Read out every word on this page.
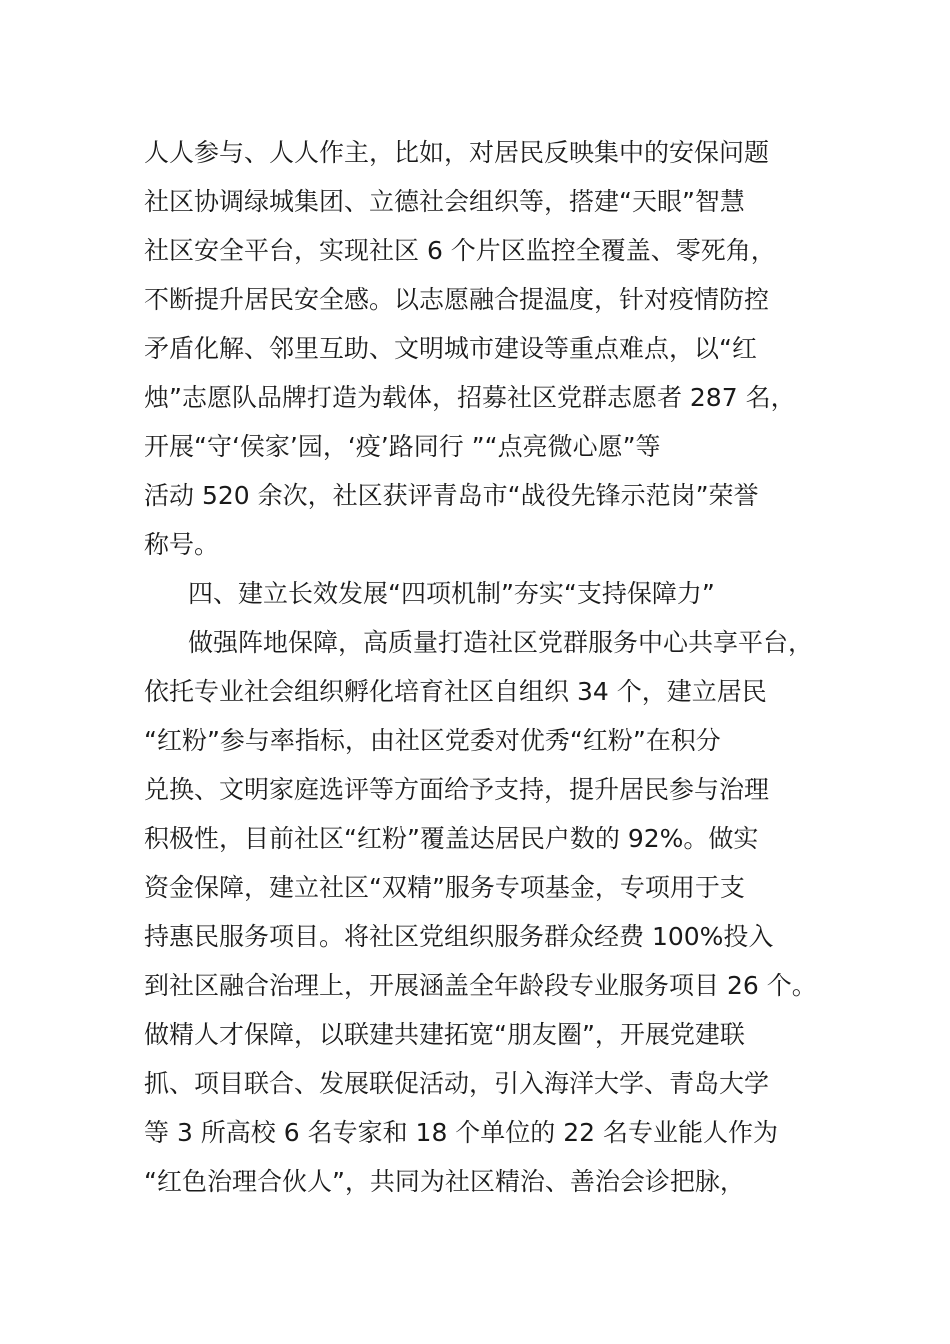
人人参与、人人作主，比如，对居民反映集中的安保问题
社区协调绿城集团、立德社会组织等，搭建“天眼”智慧
社区安全平台，实现社区 6 个片区监控全覆盖、零死角，
不断提升居民安全感。以志愿融合提温度，针对疫情防控
矛盾化解、邻里互助、文明城市建设等重点难点，以“红
烛”志愿队品牌打造为载体，招募社区党群志愿者 287 名，
开展“守‘侯家’园，‘疫’路同行 ”“点亮微心愿”等
活动 520 余次，社区获评青岛市“战役先锋示范岗”荣誉
称号。
四、建立长效发展“四项机制”夯实“支持保障力”
做强阵地保障，高质量打造社区党群服务中心共享平台，
依托专业社会组织孵化培育社区自组织 34 个，建立居民
“红粉”参与率指标，由社区党委对优秀“红粉”在积分
兑换、文明家庭选评等方面给予支持，提升居民参与治理
积极性，目前社区“红粉”覆盖达居民户数的 92%。做实
资金保障，建立社区“双精”服务专项基金，专项用于支
持惠民服务项目。将社区党组织服务群众经费 100%投入
到社区融合治理上，开展涵盖全年龄段专业服务项目 26 个。
做精人才保障，以联建共建拓宽“朋友圈”，开展党建联
抓、项目联合、发展联促活动，引入海洋大学、青岛大学
等 3 所高校 6 名专家和 18 个单位的 22 名专业能人作为
“红色治理合伙人”，共同为社区精治、善治会诊把脉，
